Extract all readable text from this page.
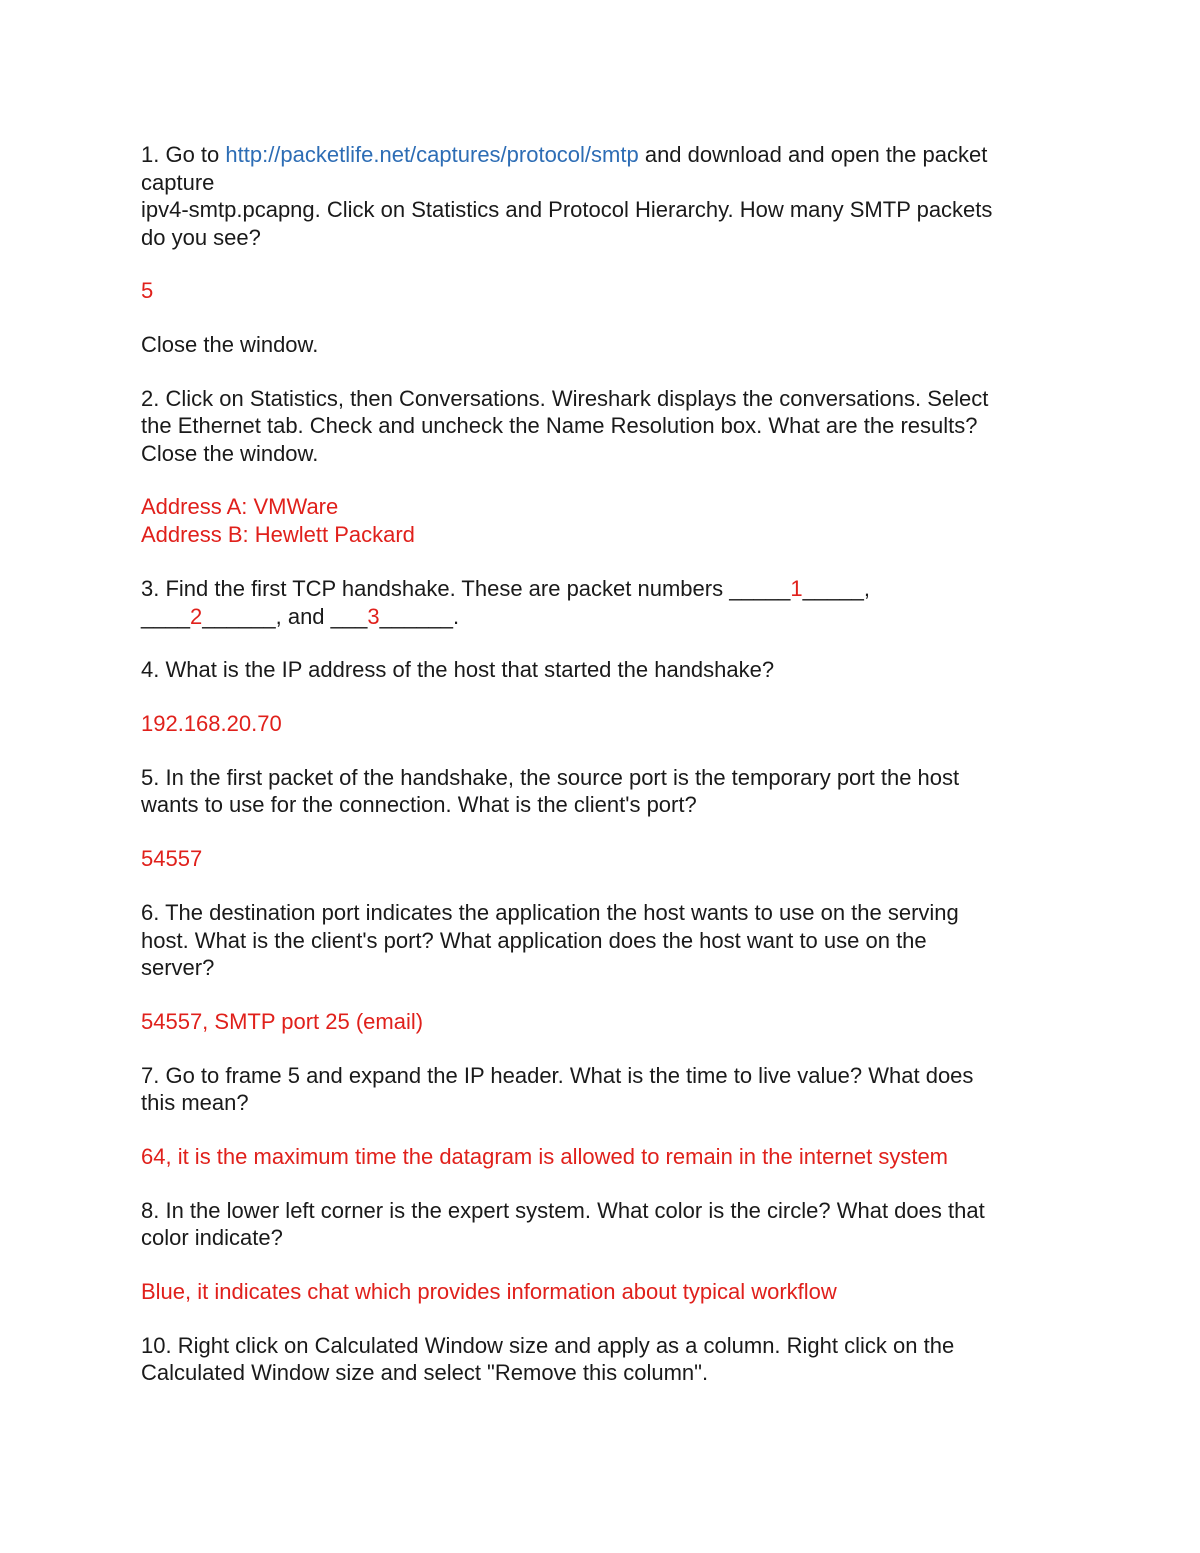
1. Go to http://packetlife.net/captures/protocol/smtp and download and open the packet
capture
ipv4-smtp.pcapng. Click on Statistics and Protocol Hierarchy. How many SMTP packets
do you see?
5
Close the window.
2. Click on Statistics, then Conversations. Wireshark displays the conversations. Select
the Ethernet tab. Check and uncheck the Name Resolution box. What are the results?
Close the window.
Address A: VMWare
Address B: Hewlett Packard
3. Find the first TCP handshake. These are packet numbers _____1_____,
____2______, and ___3______.
4. What is the IP address of the host that started the handshake?
192.168.20.70
5. In the first packet of the handshake, the source port is the temporary port the host
wants to use for the connection. What is the client's port?
54557
6. The destination port indicates the application the host wants to use on the serving
host. What is the client's port? What application does the host want to use on the
server?
54557, SMTP port 25 (email)
7. Go to frame 5 and expand the IP header. What is the time to live value? What does
this mean?
64, it is the maximum time the datagram is allowed to remain in the internet system
8. In the lower left corner is the expert system. What color is the circle? What does that
color indicate?
Blue, it indicates chat which provides information about typical workflow
10. Right click on Calculated Window size and apply as a column. Right click on the
Calculated Window size and select "Remove this column".
